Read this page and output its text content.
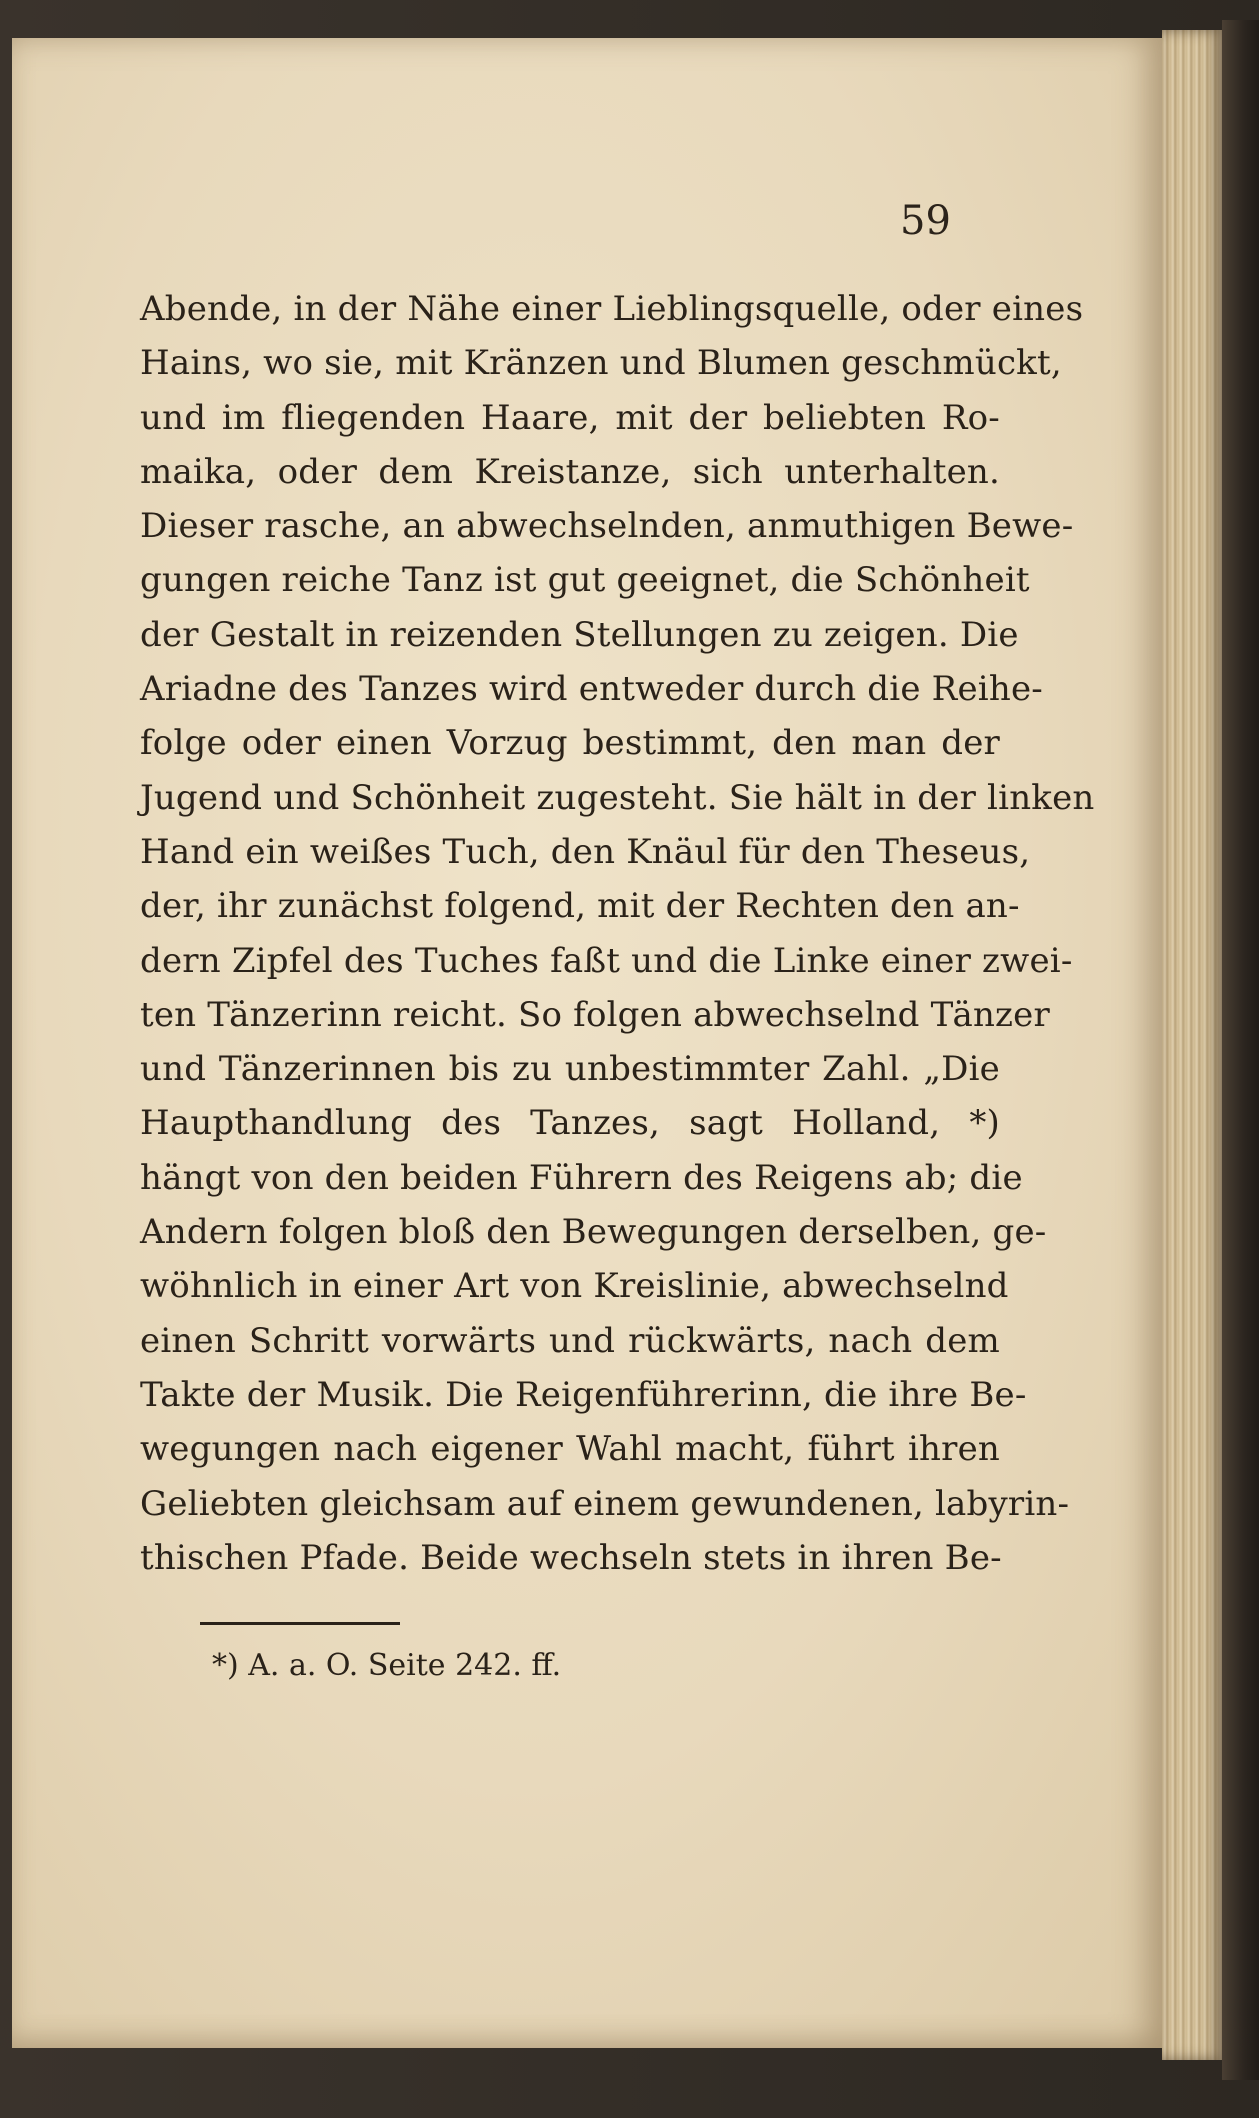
59

Abende, in der Nähe einer Lieblingsquelle, oder eines
Hains, wo sie, mit Kränzen und Blumen geschmückt,
und im fliegenden Haare, mit der beliebten Ro-
maika, oder dem Kreistanze, sich unterhalten.
Dieser rasche, an abwechselnden, anmuthigen Bewe-
gungen reiche Tanz ist gut geeignet, die Schönheit
der Gestalt in reizenden Stellungen zu zeigen. Die
Ariadne des Tanzes wird entweder durch die Reihe-
folge oder einen Vorzug bestimmt, den man der
Jugend und Schönheit zugesteht. Sie hält in der linken
Hand ein weißes Tuch, den Knäul für den Theseus,
der, ihr zunächst folgend, mit der Rechten den an-
dern Zipfel des Tuches faßt und die Linke einer zwei-
ten Tänzerinn reicht. So folgen abwechselnd Tänzer
und Tänzerinnen bis zu unbestimmter Zahl. „Die
Haupthandlung des Tanzes, sagt Holland, *)
hängt von den beiden Führern des Reigens ab; die
Andern folgen bloß den Bewegungen derselben, ge-
wöhnlich in einer Art von Kreislinie, abwechselnd
einen Schritt vorwärts und rückwärts, nach dem
Takte der Musik. Die Reigenführerinn, die ihre Be-
wegungen nach eigener Wahl macht, führt ihren
Geliebten gleichsam auf einem gewundenen, labyrin-
thischen Pfade. Beide wechseln stets in ihren Be-

*) A. a. O. Seite 242. ff.
